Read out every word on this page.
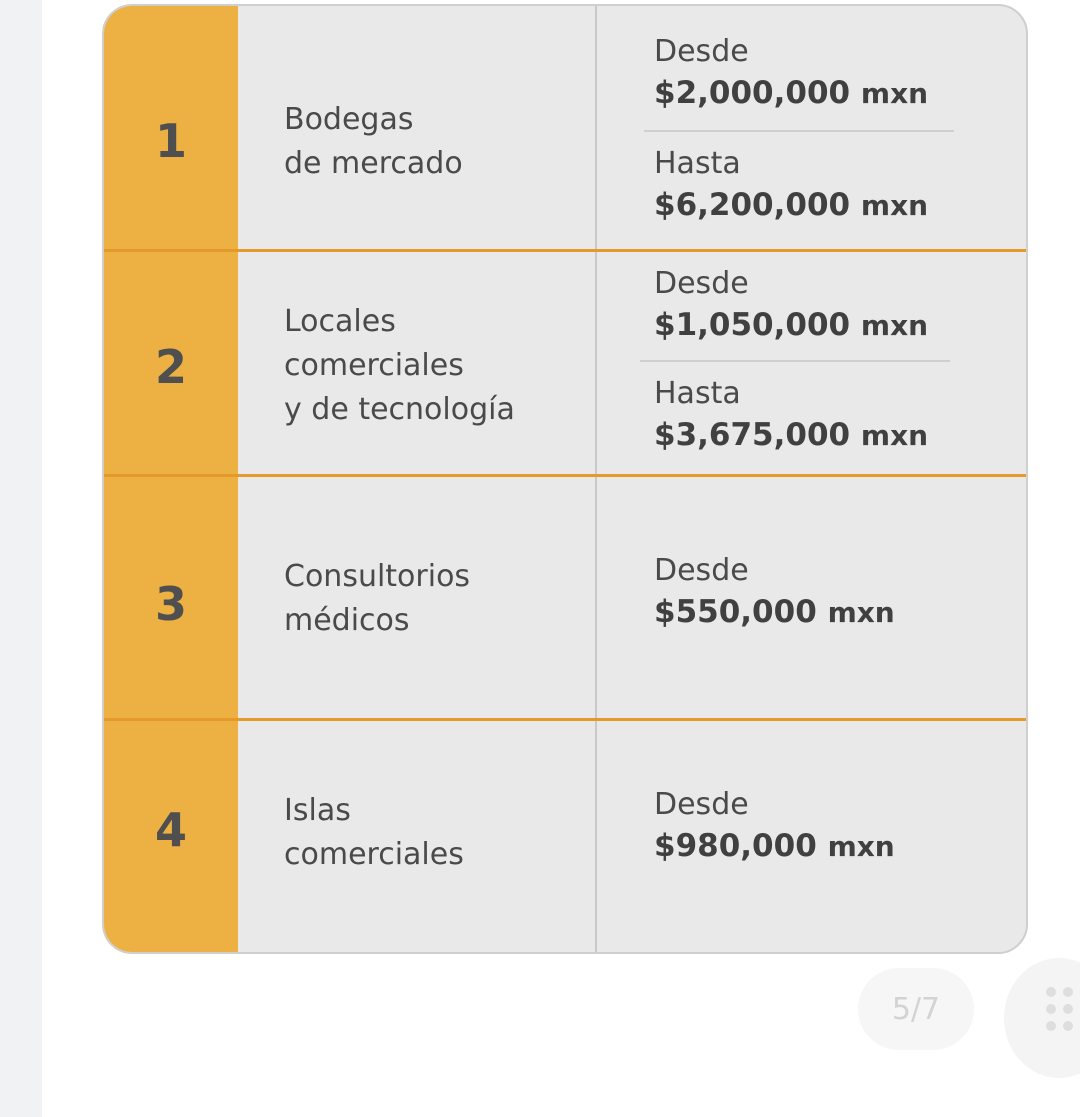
1	Bodegas
de mercado
Desde
$2,000,000 mxn
Hasta
$6,200,000 mxn
2
Locales
comerciales
y de tecnología
Desde
$1,050,000 mxn
Hasta
$3,675,000 mxn
3
Consultorios
médicos
Desde
$550,000 mxn
4	Islas
comerciales
Desde
$980,000 mxn
5/7
